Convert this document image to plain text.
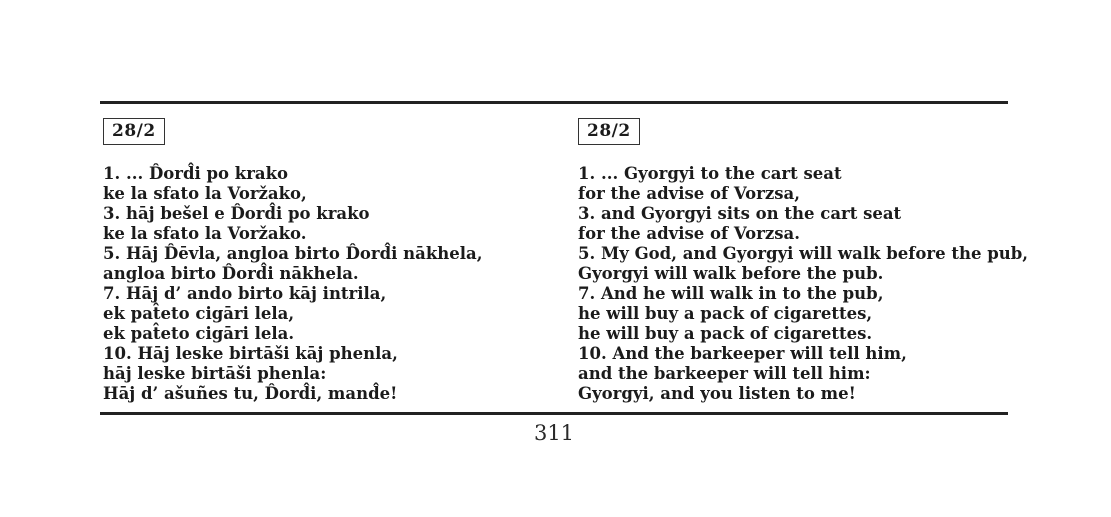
28/2
1. ... D̂ord̂i po krako
ke la sfato la Voržako,
3. hāj bešel e D̂ord̂i po krako
ke la sfato la Voržako.
5. Hāj D̂ēvla, angloa birto D̂ord̂i nākhela,
angloa birto D̂ord̂i nākhela.
7. Hāj d’ ando birto kāj intrila,
ek pat̂eto cigāri lela,
ek pat̂eto cigāri lela.
10. Hāj leske birtāši kāj phenla,
hāj leske birtāši phenla:
Hāj d’ ašuñes tu, D̂ord̂i, mand̂e!
28/2
1. ... Gyorgyi to the cart seat
for the advise of Vorzsa,
3. and Gyorgyi sits on the cart seat
for the advise of Vorzsa.
5. My God, and Gyorgyi will walk before the pub,
Gyorgyi will walk before the pub.
7. And he will walk in to the pub,
he will buy a pack of cigarettes,
he will buy a pack of cigarettes.
10. And the barkeeper will tell him,
and the barkeeper will tell him:
Gyorgyi, and you listen to me!
311
